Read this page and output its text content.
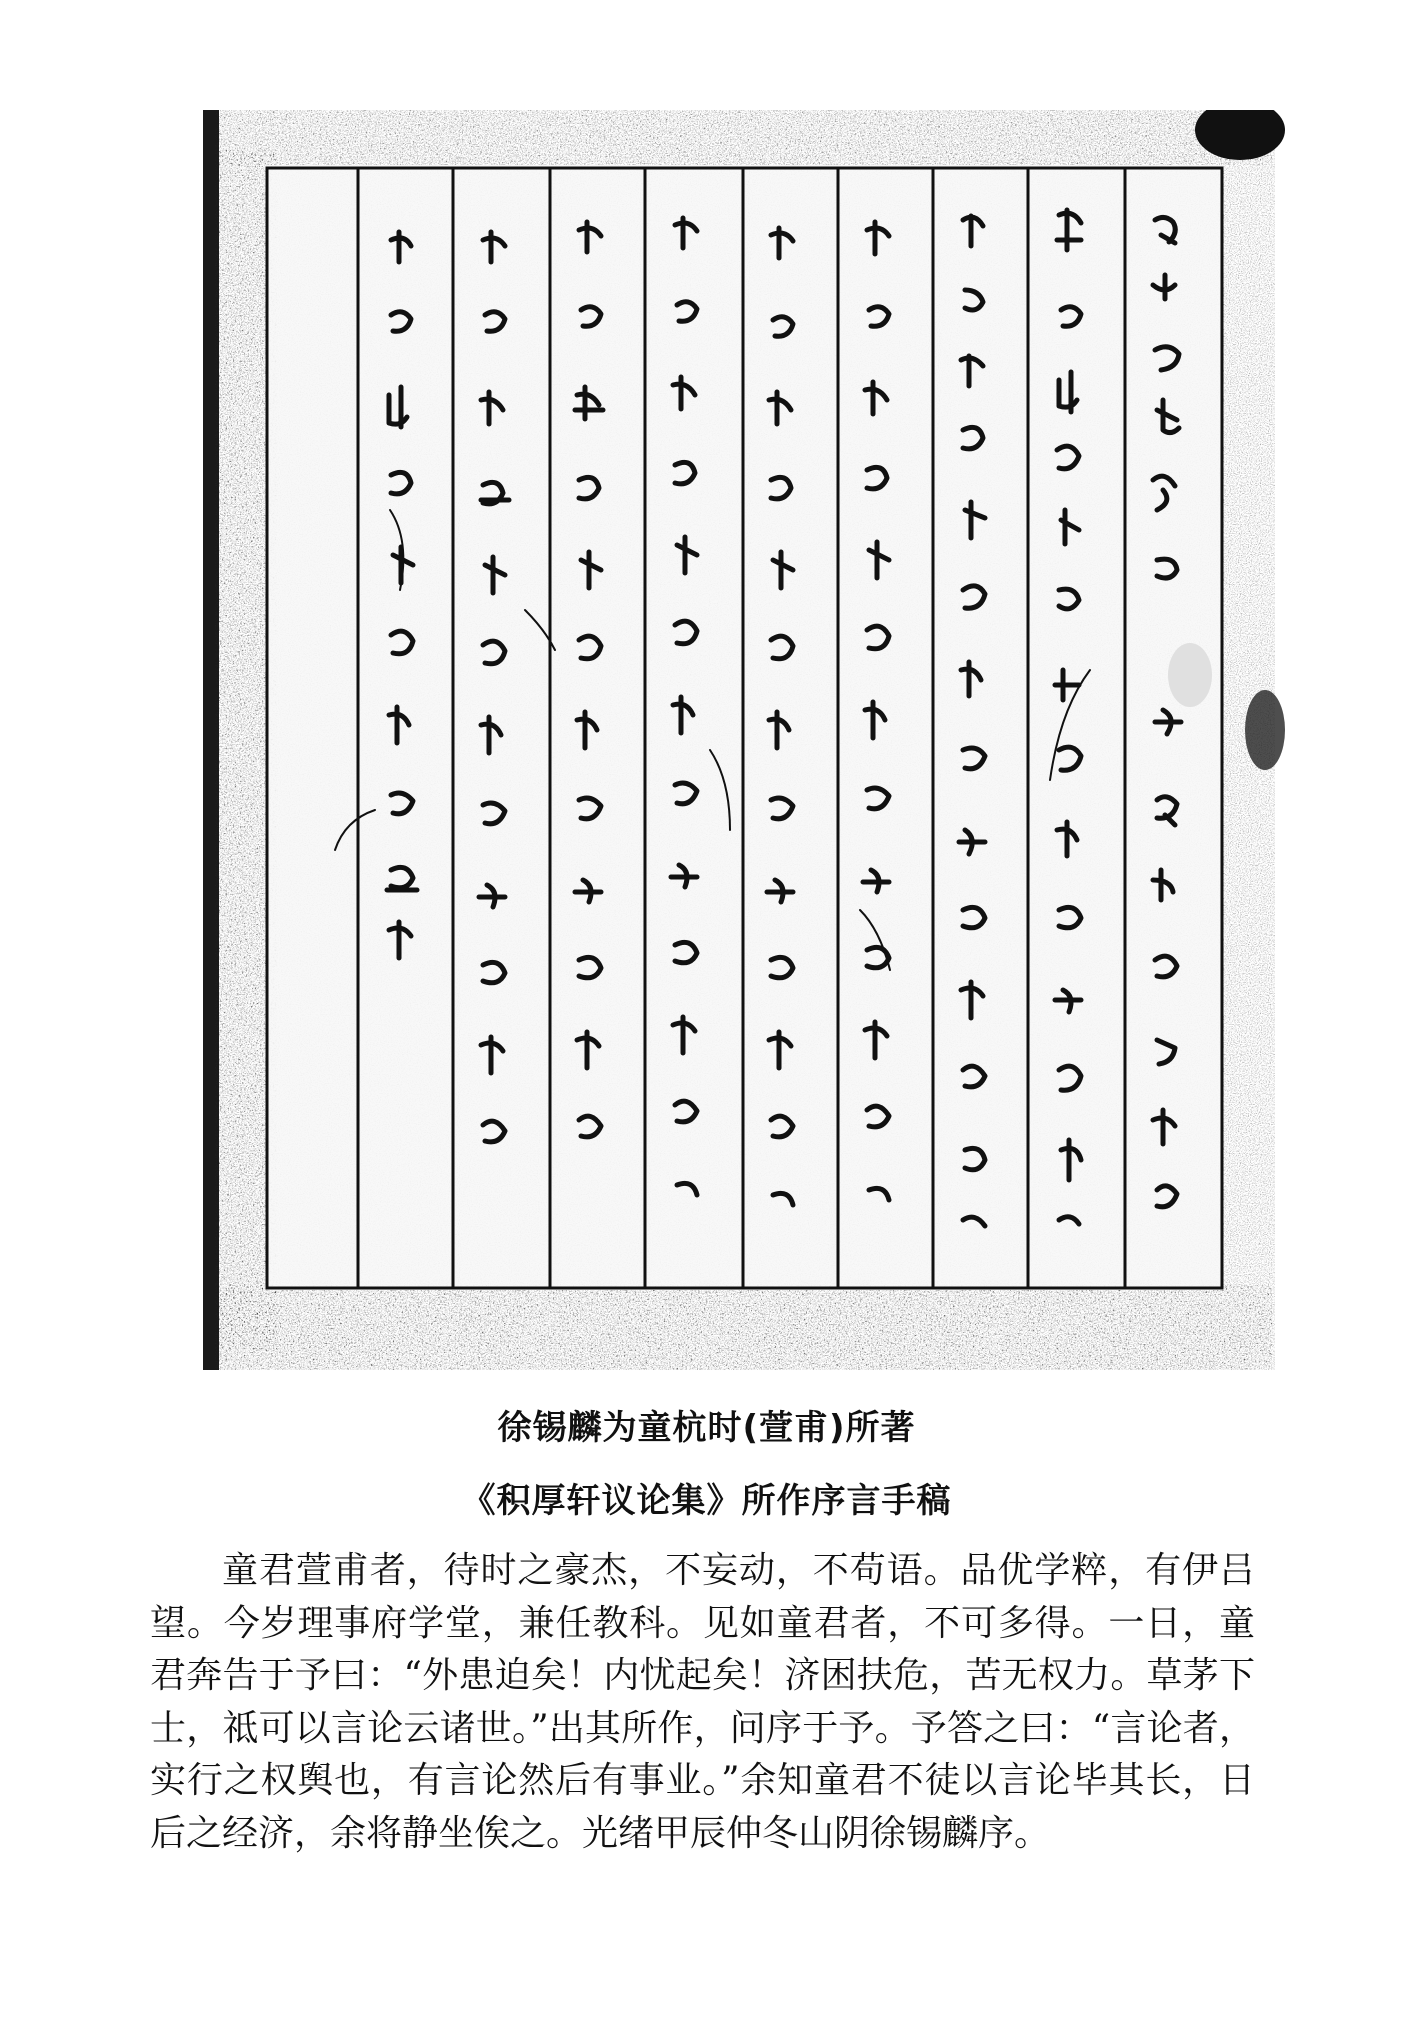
徐锡麟为童杭时(萱甫)所著
《积厚轩议论集》所作序言手稿

童君萱甫者，待时之豪杰，不妄动，不苟语。品优学粹，有伊吕望。今岁理事府学堂，兼任教科。见如童君者，不可多得。一日，童君奔告于予曰：“外患迫矣！内忧起矣！济困扶危，苦无权力。草茅下士，祗可以言论云诸世。”出其所作，问序于予。予答之曰：“言论者，实行之权舆也，有言论然后有事业。”余知童君不徒以言论毕其长，日后之经济，余将静坐俟之。光绪甲辰仲冬山阴徐锡麟序。
